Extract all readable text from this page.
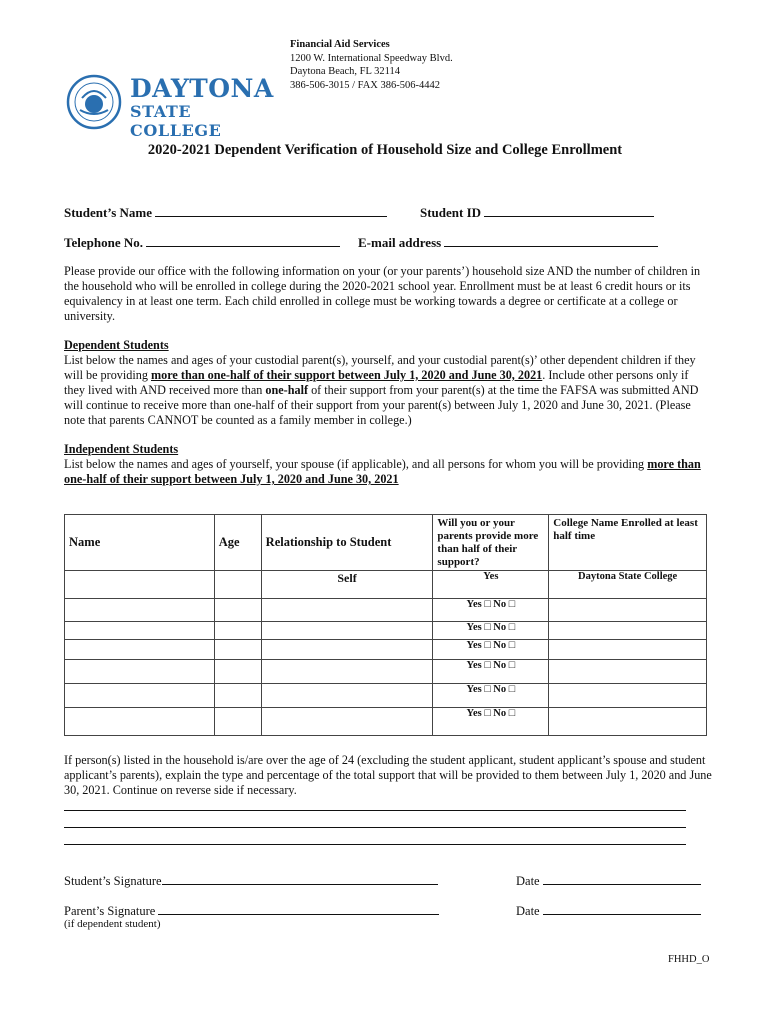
Financial Aid Services
1200 W. International Speedway Blvd.
Daytona Beach, FL 32114
386-506-3015 / FAX 386-506-4442
DAYTONA
STATE COLLEGE
2020-2021 Dependent Verification of Household Size and College Enrollment
Student’s Name	Student ID
Telephone No.	E-mail address

Please provide our office with the following information on your (or your parents’) household size AND the number of children in the household who will be enrolled in college during the 2020-2021 school year. Enrollment must be at least 6 credit hours or its equivalency in at least one term. Each child enrolled in college must be working towards a degree or certificate at a college or university.

Dependent Students
List below the names and ages of your custodial parent(s), yourself, and your custodial parent(s)’ other dependent children if they will be providing more than one-half of their support between July 1, 2020 and June 30, 2021. Include other persons only if they lived with AND received more than one-half of their support from your parent(s) at the time the FAFSA was submitted AND will continue to receive more than one-half of their support from your parent(s) between July 1, 2020 and June 30, 2021. (Please note that parents CANNOT be counted as a family member in college.)

Independent Students
List below the names and ages of yourself, your spouse (if applicable), and all persons for whom you will be providing more than one-half of their support between July 1, 2020 and June 30, 2021

Name	Age	Relationship to Student	Will you or your parents provide more than half of their support?	College Name Enrolled at least half time
		Self	Yes	Daytona State College
			Yes □ No □	
			Yes □ No □	
			Yes □ No □	
			Yes □ No □	
			Yes □ No □	
			Yes □ No □	

If person(s) listed in the household is/are over the age of 24 (excluding the student applicant, student applicant’s spouse and student applicant’s parents), explain the type and percentage of the total support that will be provided to them between July 1, 2020 and June 30, 2021. Continue on reverse side if necessary.

Student’s Signature	Date
Parent’s Signature
(if dependent student)
Date
FHHD_O
